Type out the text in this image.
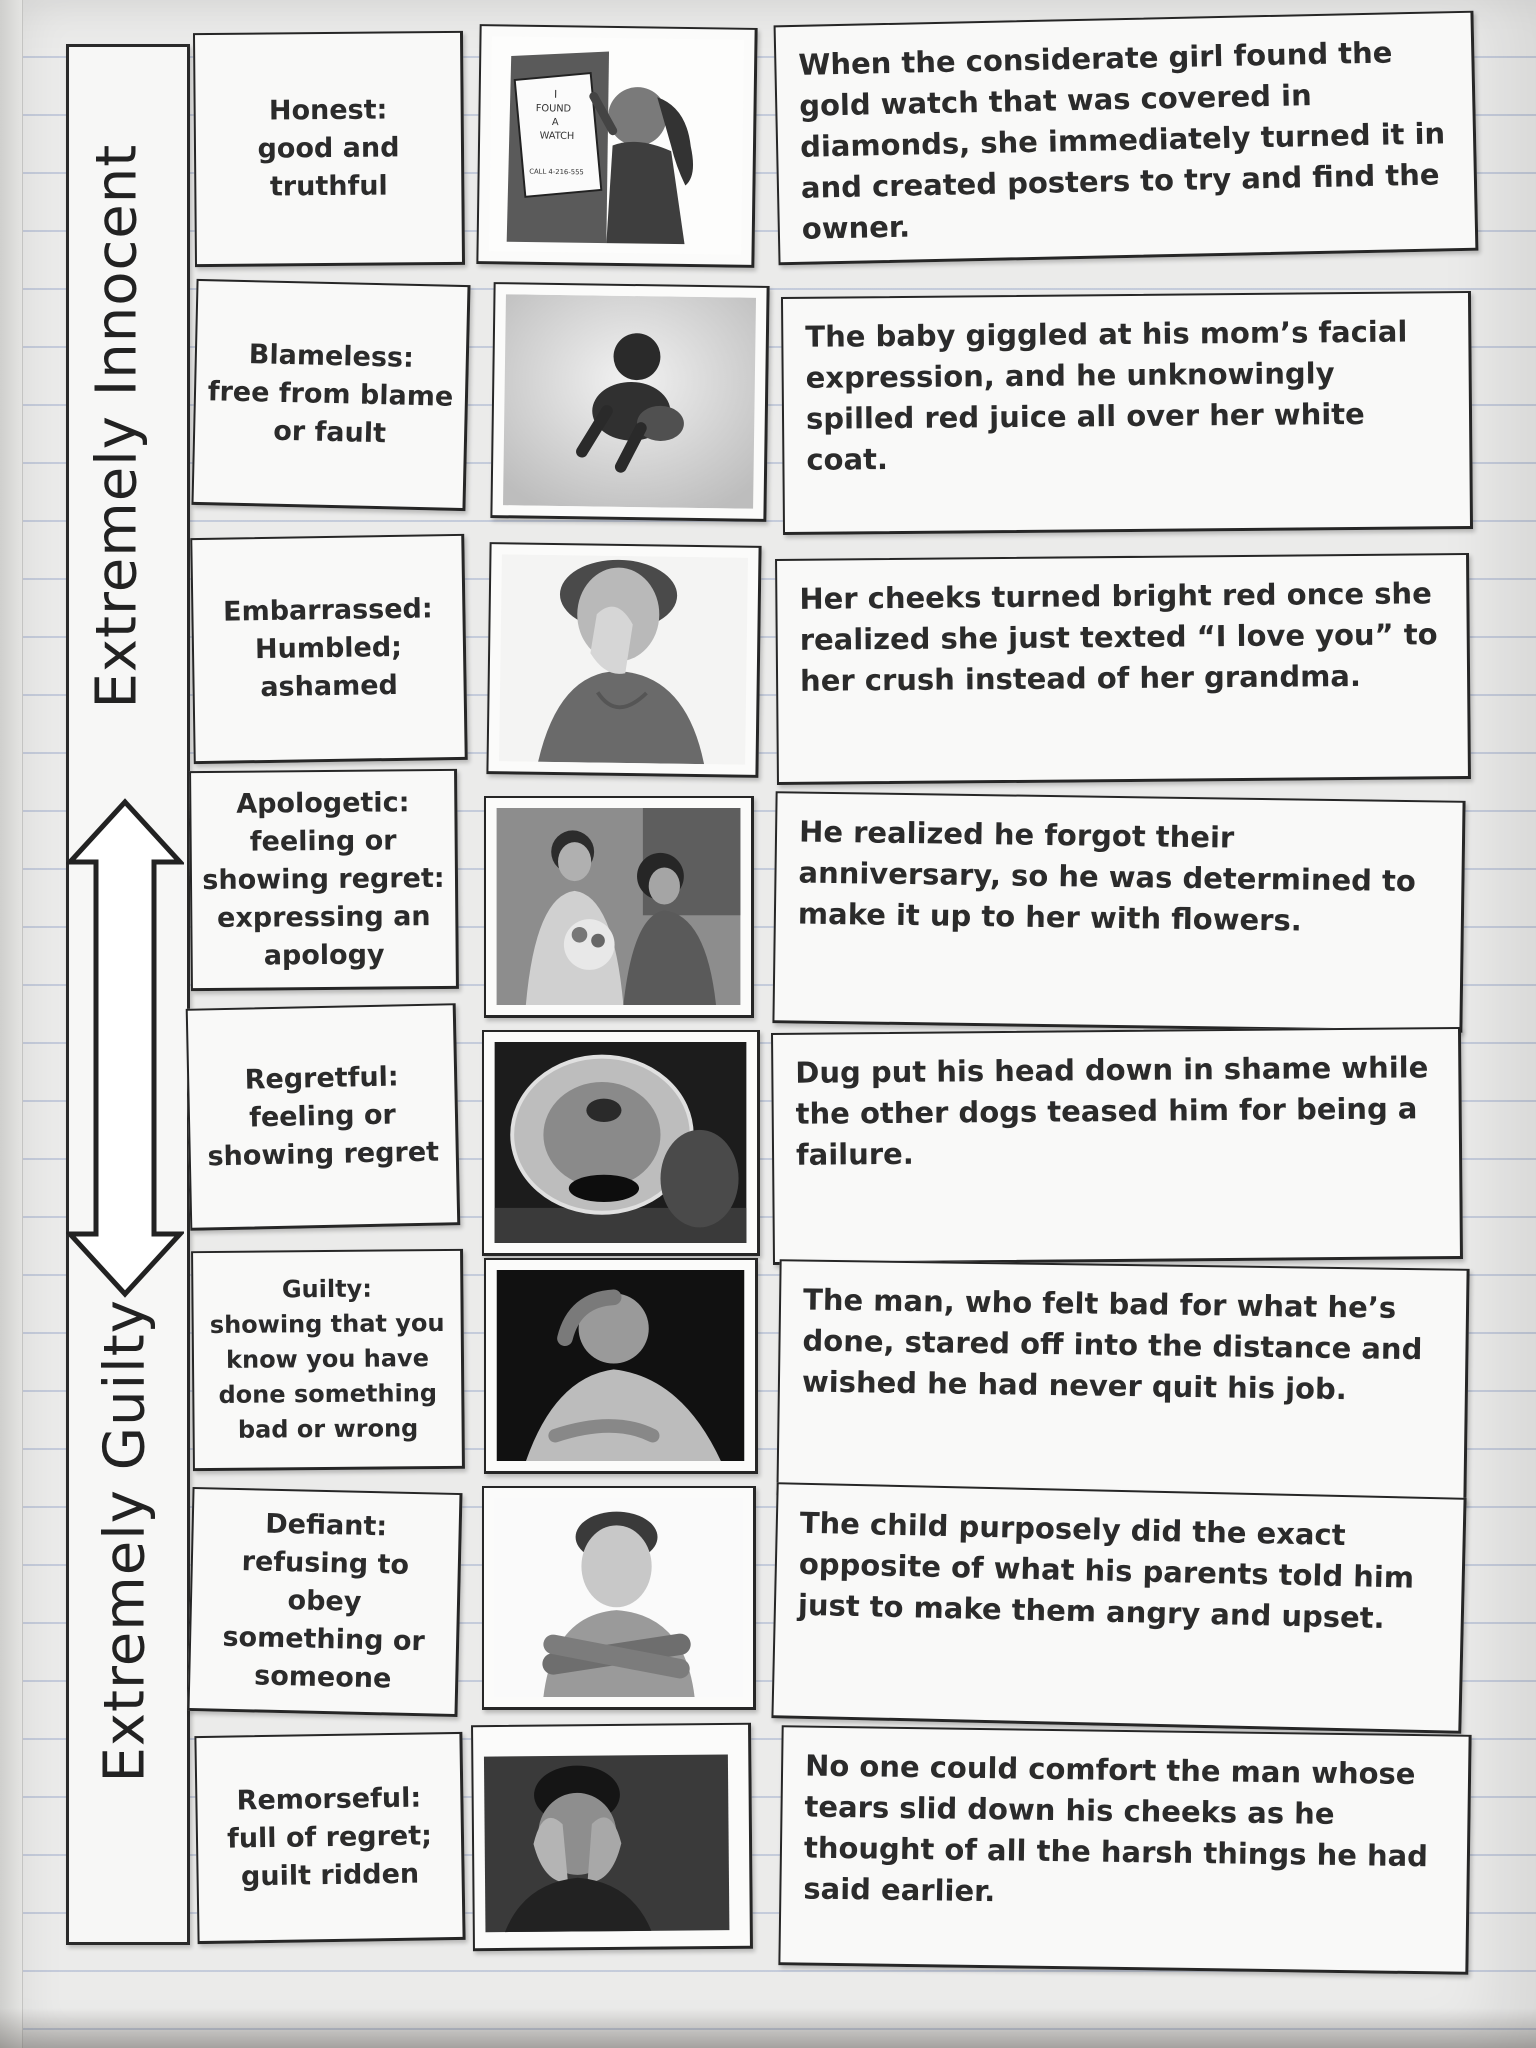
Extremely Innocent
Extremely Guilty
Honest:
good and
truthful
I
FOUND
A
WATCH
CALL 4-216-555
When the considerate girl found the gold watch that was covered in diamonds, she immediately turned it in and created posters to try and find the owner.
Blameless:
free from blame
or fault
The baby giggled at his mom’s facial expression, and he unknowingly spilled red juice all over her white coat.
Embarrassed:
Humbled;
ashamed
Her cheeks turned bright red once she realized she just texted “I love you” to her crush instead of her grandma.
Apologetic:
feeling or
showing regret:
expressing an
apology
He realized he forgot their anniversary, so he was determined to make it up to her with flowers.
Regretful:
feeling or
showing regret
Dug put his head down in shame while the other dogs teased him for being a failure.
Guilty:
showing that you
know you have
done something
bad or wrong
The man, who felt bad for what he’s done, stared off into the distance and wished he had never quit his job.
Defiant:
refusing to obey
something or
someone
The child purposely did the exact opposite of what his parents told him just to make them angry and upset.
Remorseful:
full of regret;
guilt ridden
No one could comfort the man whose tears slid down his cheeks as he thought of all the harsh things he had said earlier.
